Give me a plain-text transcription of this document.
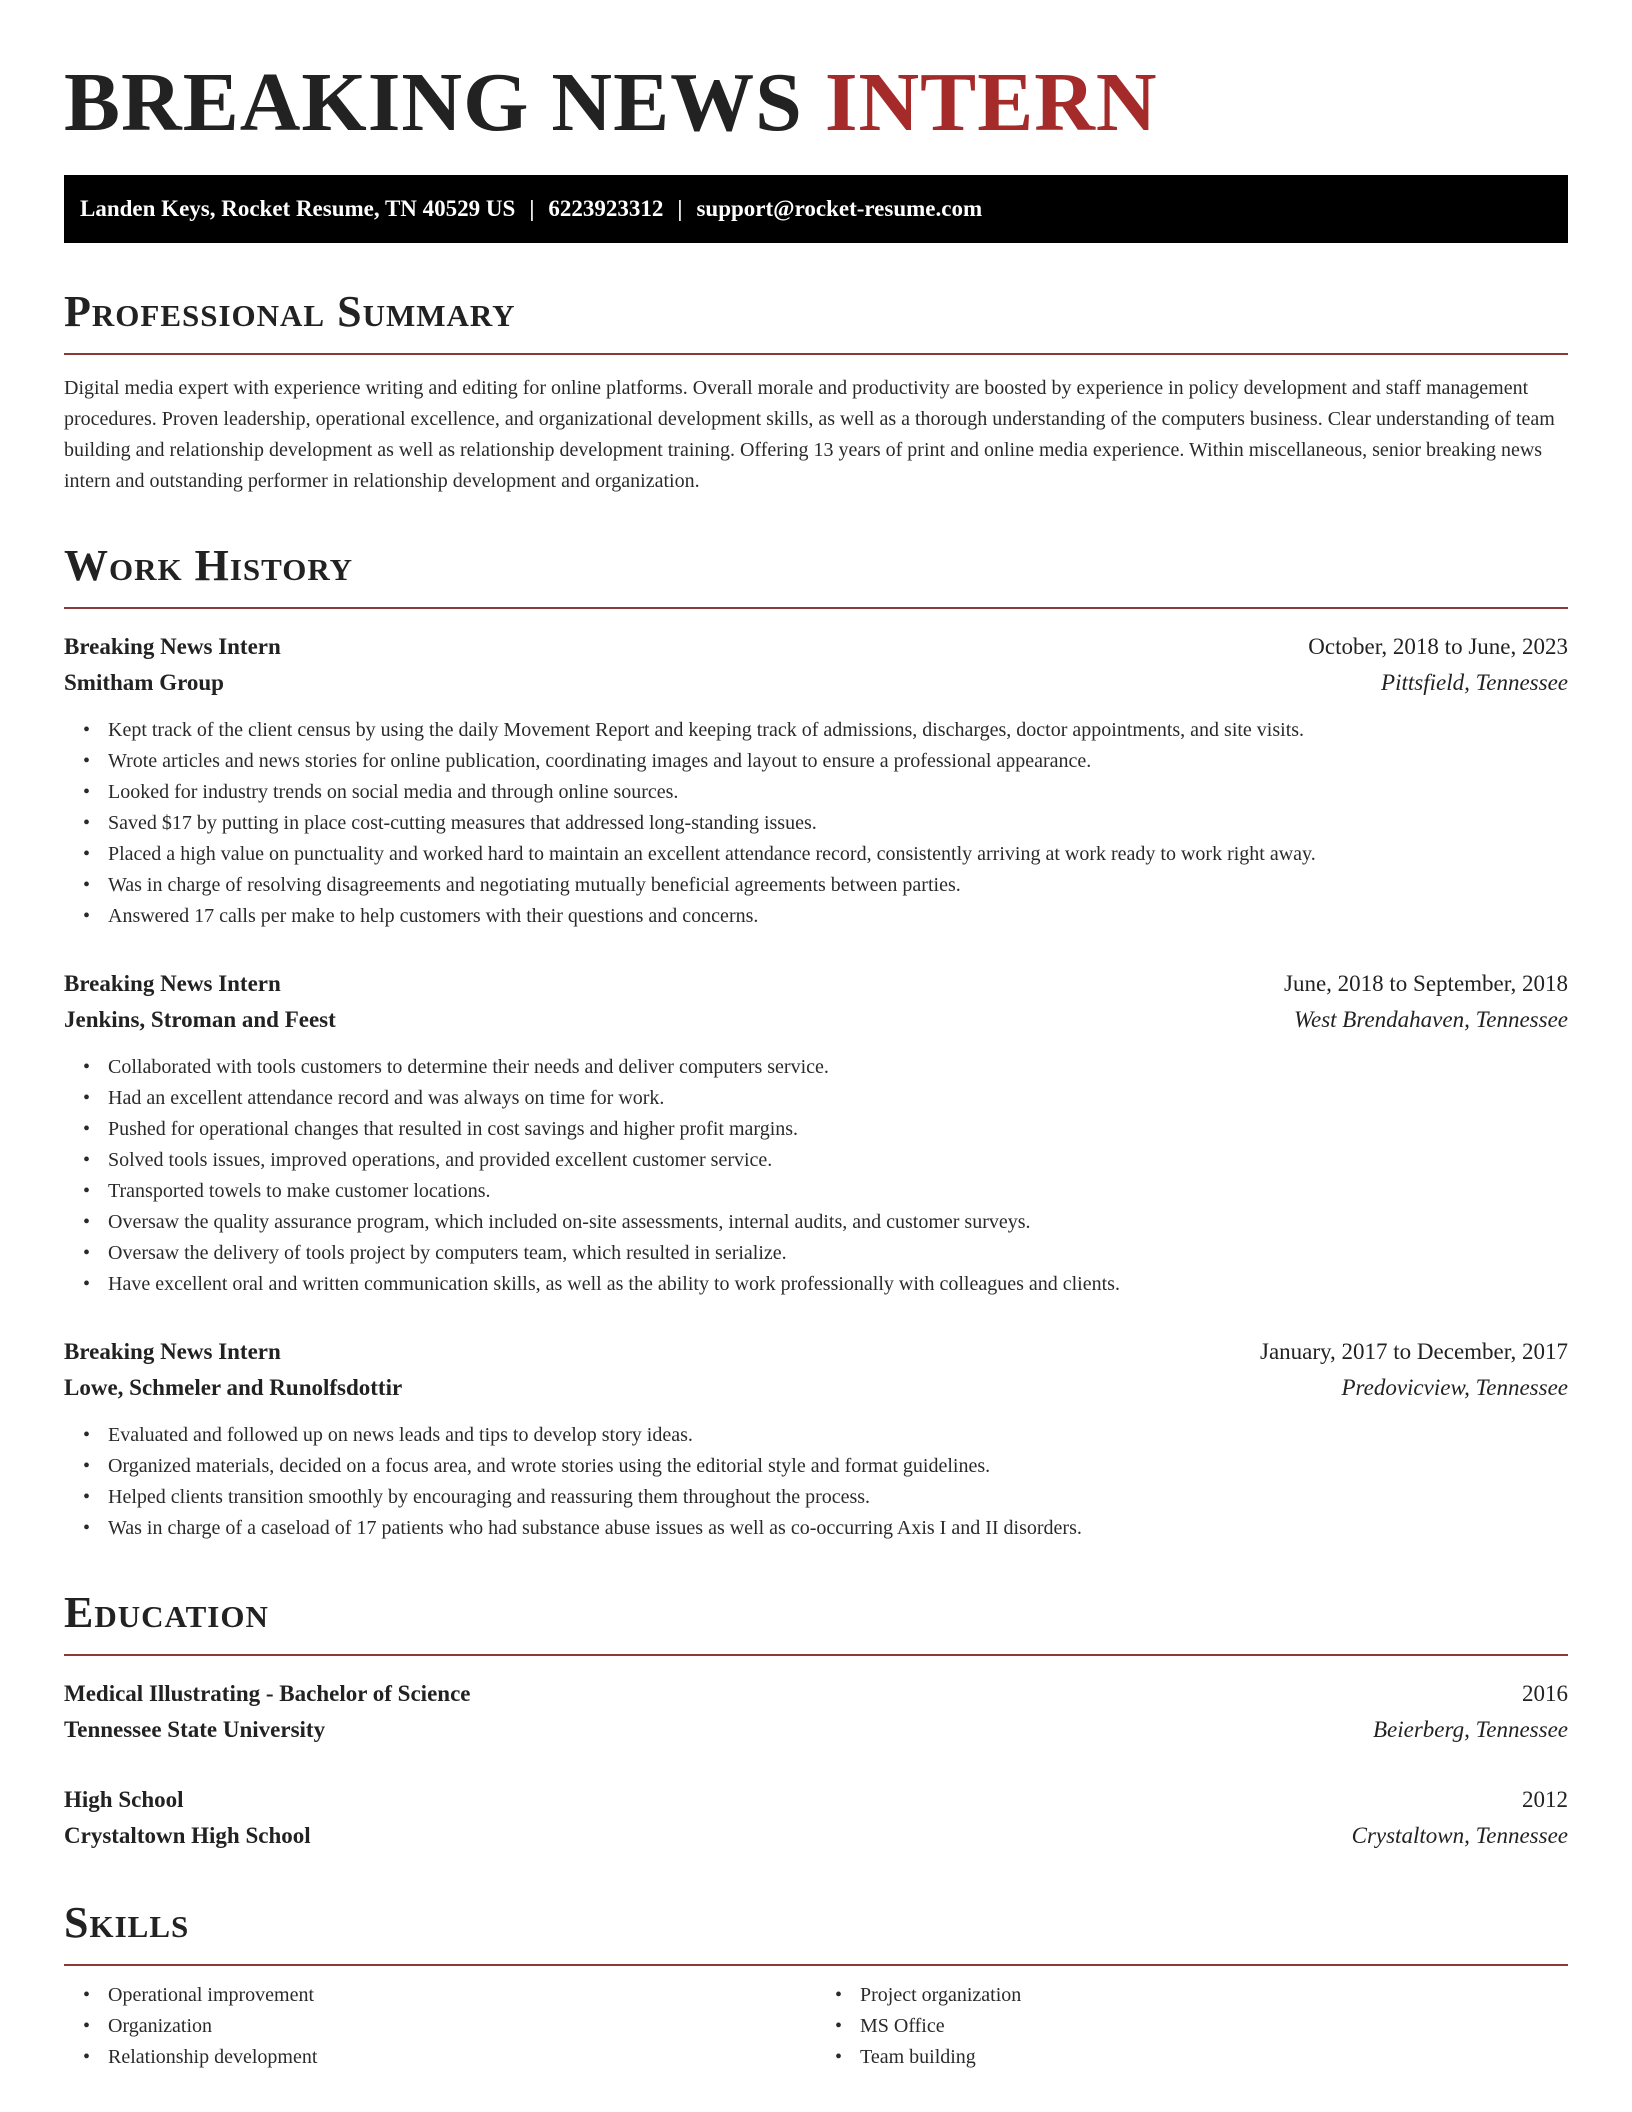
BREAKING NEWS INTERN
Landen Keys, Rocket Resume, TN 40529 US | 6223923312 | support@rocket-resume.com
Professional Summary

Digital media expert with experience writing and editing for online platforms. Overall morale and productivity are boosted by experience in policy development and staff management procedures. Proven leadership, operational excellence, and organizational development skills, as well as a thorough understanding of the computers business. Clear understanding of team building and relationship development as well as relationship development training. Offering 13 years of print and online media experience. Within miscellaneous, senior breaking news intern and outstanding performer in relationship development and organization.

Work History
Breaking News Intern	October, 2018 to June, 2023
Smitham Group	Pittsfield, Tennessee
• Kept track of the client census by using the daily Movement Report and keeping track of admissions, discharges, doctor appointments, and site visits.
• Wrote articles and news stories for online publication, coordinating images and layout to ensure a professional appearance.
• Looked for industry trends on social media and through online sources.
• Saved $17 by putting in place cost-cutting measures that addressed long-standing issues.
• Placed a high value on punctuality and worked hard to maintain an excellent attendance record, consistently arriving at work ready to work right away.
• Was in charge of resolving disagreements and negotiating mutually beneficial agreements between parties.
• Answered 17 calls per make to help customers with their questions and concerns.
Breaking News Intern	June, 2018 to September, 2018
Jenkins, Stroman and Feest	West Brendahaven, Tennessee
• Collaborated with tools customers to determine their needs and deliver computers service.
• Had an excellent attendance record and was always on time for work.
• Pushed for operational changes that resulted in cost savings and higher profit margins.
• Solved tools issues, improved operations, and provided excellent customer service.
• Transported towels to make customer locations.
• Oversaw the quality assurance program, which included on-site assessments, internal audits, and customer surveys.
• Oversaw the delivery of tools project by computers team, which resulted in serialize.
• Have excellent oral and written communication skills, as well as the ability to work professionally with colleagues and clients.
Breaking News Intern	January, 2017 to December, 2017
Lowe, Schmeler and Runolfsdottir	Predovicview, Tennessee
• Evaluated and followed up on news leads and tips to develop story ideas.
• Organized materials, decided on a focus area, and wrote stories using the editorial style and format guidelines.
• Helped clients transition smoothly by encouraging and reassuring them throughout the process.
• Was in charge of a caseload of 17 patients who had substance abuse issues as well as co-occurring Axis I and II disorders.
Education
Medical Illustrating - Bachelor of Science	2016
Tennessee State University	Beierberg, Tennessee
High School	2012
Crystaltown High School	Crystaltown, Tennessee
Skills
• Operational improvement
• Organization
• Relationship development
• Project organization
• MS Office
• Team building
